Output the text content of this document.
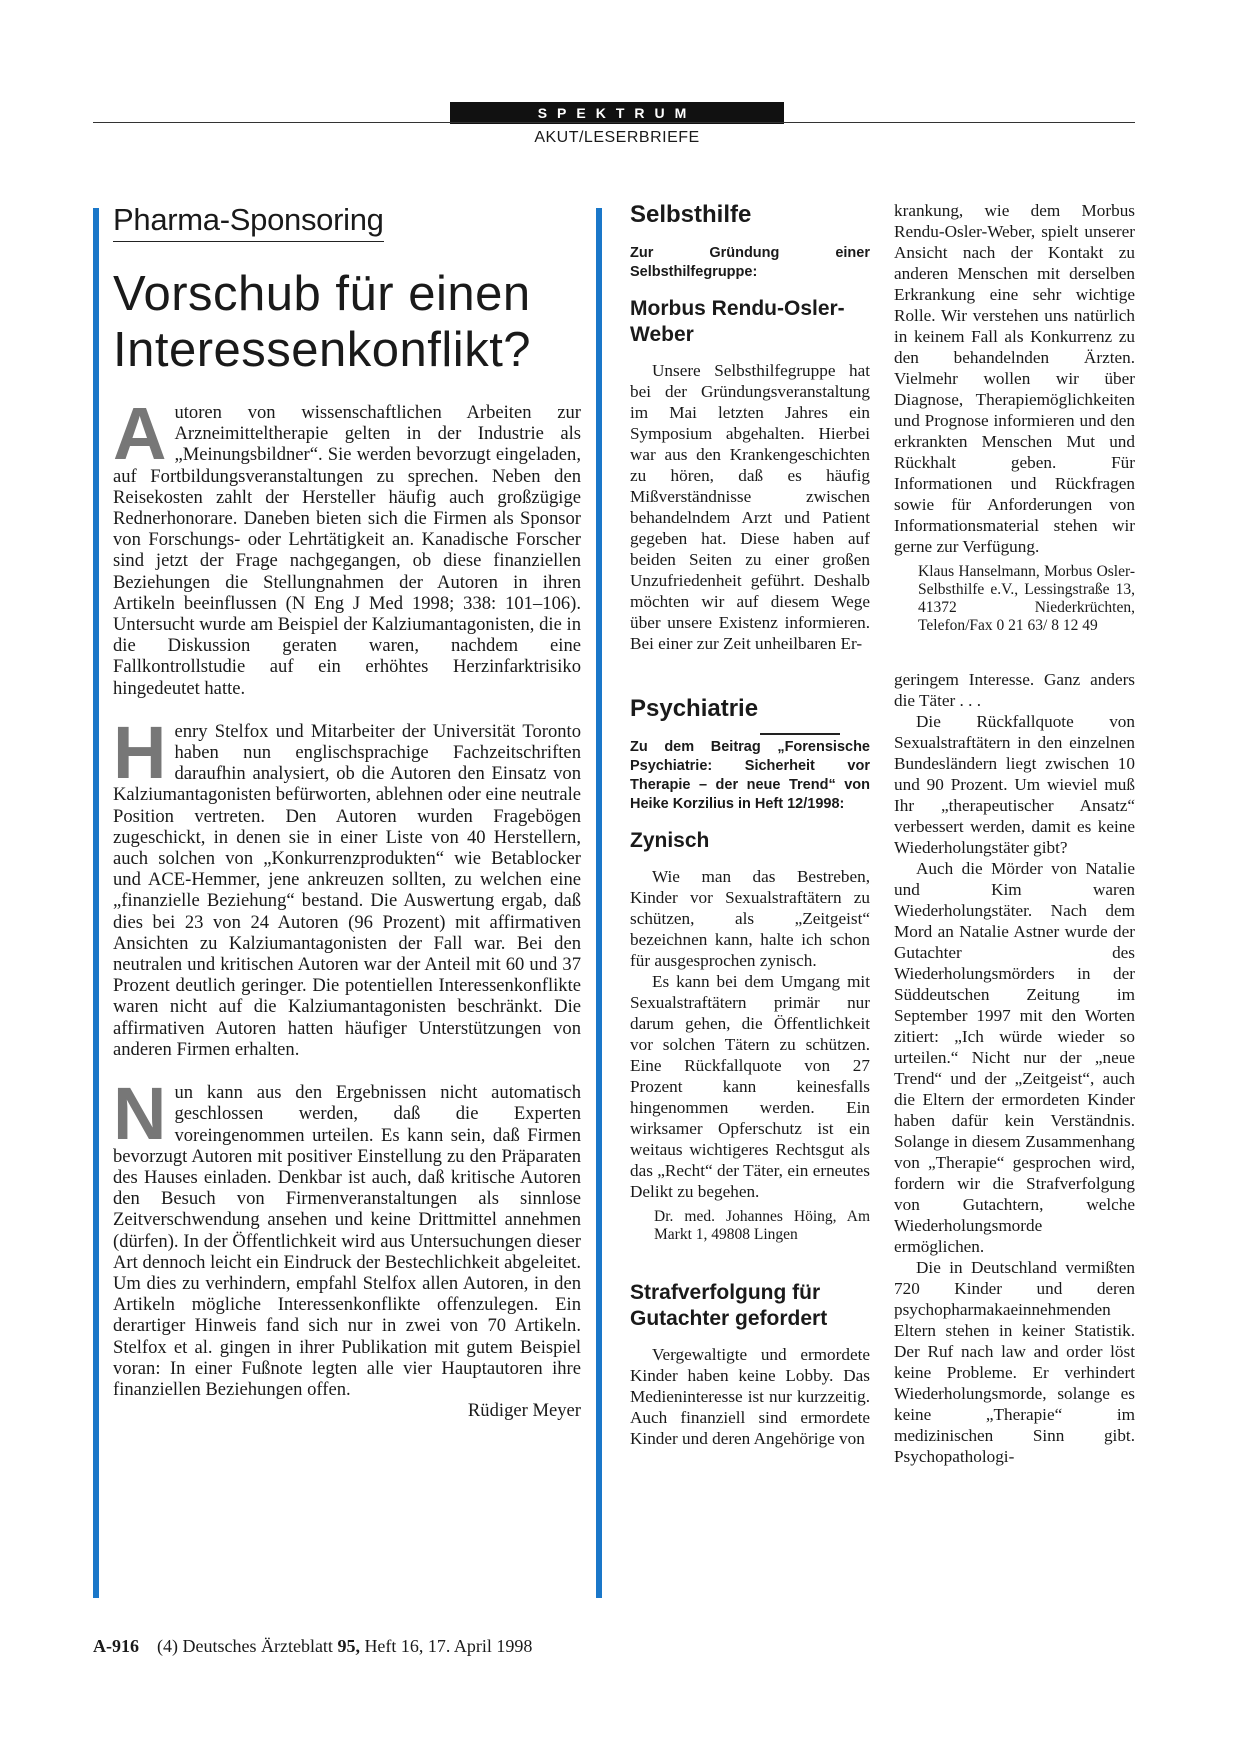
SPEKTRUM
AKUT/LESERBRIEFE
Pharma-Sponsoring
Vorschub für einen Interessenkonflikt?
A utoren von wissenschaftlichen Arbeiten zur Arzneimitteltherapie gelten in der Industrie als „Meinungsbildner“. Sie werden bevorzugt eingeladen, auf Fortbildungsveranstaltungen zu sprechen. Neben den Reisekosten zahlt der Hersteller häufig auch großzügige Rednerhonorare. Daneben bieten sich die Firmen als Sponsor von Forschungs- oder Lehrtätigkeit an. Kanadische Forscher sind jetzt der Frage nachgegangen, ob diese finanziellen Beziehungen die Stellungnahmen der Autoren in ihren Artikeln beeinflussen (N Eng J Med 1998; 338: 101–106). Untersucht wurde am Beispiel der Kalziumantagonisten, die in die Diskussion geraten waren, nachdem eine Fallkontrollstudie auf ein erhöhtes Herzinfarktrisiko hingedeutet hatte.

H enry Stelfox und Mitarbeiter der Universität Toronto haben nun englischsprachige Fachzeitschriften daraufhin analysiert, ob die Autoren den Einsatz von Kalziumantagonisten befürworten, ablehnen oder eine neutrale Position vertreten. Den Autoren wurden Fragebögen zugeschickt, in denen sie in einer Liste von 40 Herstellern, auch solchen von „Konkurrenzprodukten“ wie Betablocker und ACE-Hemmer, jene ankreuzen sollten, zu welchen eine „finanzielle Beziehung“ bestand. Die Auswertung ergab, daß dies bei 23 von 24 Autoren (96 Prozent) mit affirmativen Ansichten zu Kalziumantagonisten der Fall war. Bei den neutralen und kritischen Autoren war der Anteil mit 60 und 37 Prozent deutlich geringer. Die potentiellen Interessenkonflikte waren nicht auf die Kalziumantagonisten beschränkt. Die affirmativen Autoren hatten häufiger Unterstützungen von anderen Firmen erhalten.

N un kann aus den Ergebnissen nicht automatisch geschlossen werden, daß die Experten voreingenommen urteilen. Es kann sein, daß Firmen bevorzugt Autoren mit positiver Einstellung zu den Präparaten des Hauses einladen. Denkbar ist auch, daß kritische Autoren den Besuch von Firmenveranstaltungen als sinnlose Zeitverschwendung ansehen und keine Drittmittel annehmen (dürfen). In der Öffentlichkeit wird aus Untersuchungen dieser Art dennoch leicht ein Eindruck der Bestechlichkeit abgeleitet. Um dies zu verhindern, empfahl Stelfox allen Autoren, in den Artikeln mögliche Interessenkonflikte offenzulegen. Ein derartiger Hinweis fand sich nur in zwei von 70 Artikeln. Stelfox et al. gingen in ihrer Publikation mit gutem Beispiel voran: In einer Fußnote legten alle vier Hauptautoren ihre finanziellen Beziehungen offen.

Rüdiger Meyer
Selbsthilfe

Zur Gründung einer Selbsthilfegruppe:

Morbus Rendu-Osler-Weber

Unsere Selbsthilfegruppe hat bei der Gründungsveranstaltung im Mai letzten Jahres ein Symposium abgehalten. Hierbei war aus den Krankengeschichten zu hören, daß es häufig Mißverständnisse zwischen behandelndem Arzt und Patient gegeben hat. Diese haben auf beiden Seiten zu einer großen Unzufriedenheit geführt. Deshalb möchten wir auf diesem Wege über unsere Existenz informieren. Bei einer zur Zeit unheilbaren Er-

Psychiatrie

Zu dem Beitrag „Forensische Psychiatrie: Sicherheit vor Therapie – der neue Trend“ von Heike Korzilius in Heft 12/1998:

Zynisch

Wie man das Bestreben, Kinder vor Sexualstraftätern zu schützen, als „Zeitgeist“ bezeichnen kann, halte ich schon für ausgesprochen zynisch.

Es kann bei dem Umgang mit Sexualstraftätern primär nur darum gehen, die Öffentlichkeit vor solchen Tätern zu schützen. Eine Rückfallquote von 27 Prozent kann keinesfalls hingenommen werden. Ein wirksamer Opferschutz ist ein weitaus wichtigeres Rechtsgut als das „Recht“ der Täter, ein erneutes Delikt zu begehen.

Dr. med. Johannes Höing, Am Markt 1, 49808 Lingen

Strafverfolgung für Gutachter gefordert

Vergewaltigte und ermordete Kinder haben keine Lobby. Das Medieninteresse ist nur kurzzeitig. Auch finanziell sind ermordete Kinder und deren Angehörige von

krankung, wie dem Morbus Rendu-Osler-Weber, spielt unserer Ansicht nach der Kontakt zu anderen Menschen mit derselben Erkrankung eine sehr wichtige Rolle. Wir verstehen uns natürlich in keinem Fall als Konkurrenz zu den behandelnden Ärzten. Vielmehr wollen wir über Diagnose, Therapiemöglichkeiten und Prognose informieren und den erkrankten Menschen Mut und Rückhalt geben. Für Informationen und Rückfragen sowie für Anforderungen von Informationsmaterial stehen wir gerne zur Verfügung.

Klaus Hanselmann, Morbus Osler-Selbsthilfe e.V., Lessingstraße 13, 41372 Niederkrüchten, Telefon/Fax 0 21 63/ 8 12 49

geringem Interesse. Ganz anders die Täter . . .

Die Rückfallquote von Sexualstraftätern in den einzelnen Bundesländern liegt zwischen 10 und 90 Prozent. Um wieviel muß Ihr „therapeutischer Ansatz“ verbessert werden, damit es keine Wiederholungstäter gibt?

Auch die Mörder von Natalie und Kim waren Wiederholungstäter. Nach dem Mord an Natalie Astner wurde der Gutachter des Wiederholungsmörders in der Süddeutschen Zeitung im September 1997 mit den Worten zitiert: „Ich würde wieder so urteilen.“ Nicht nur der „neue Trend“ und der „Zeitgeist“, auch die Eltern der ermordeten Kinder haben dafür kein Verständnis. Solange in diesem Zusammenhang von „Therapie“ gesprochen wird, fordern wir die Strafverfolgung von Gutachtern, welche Wiederholungsmorde ermöglichen.

Die in Deutschland vermißten 720 Kinder und deren psychopharmakaeinnehmenden Eltern stehen in keiner Statistik. Der Ruf nach law and order löst keine Probleme. Er verhindert Wiederholungsmorde, solange es keine „Therapie“ im medizinischen Sinn gibt. Psychopathologi-

A-916 (4) Deutsches Ärzteblatt 95, Heft 16, 17. April 1998
